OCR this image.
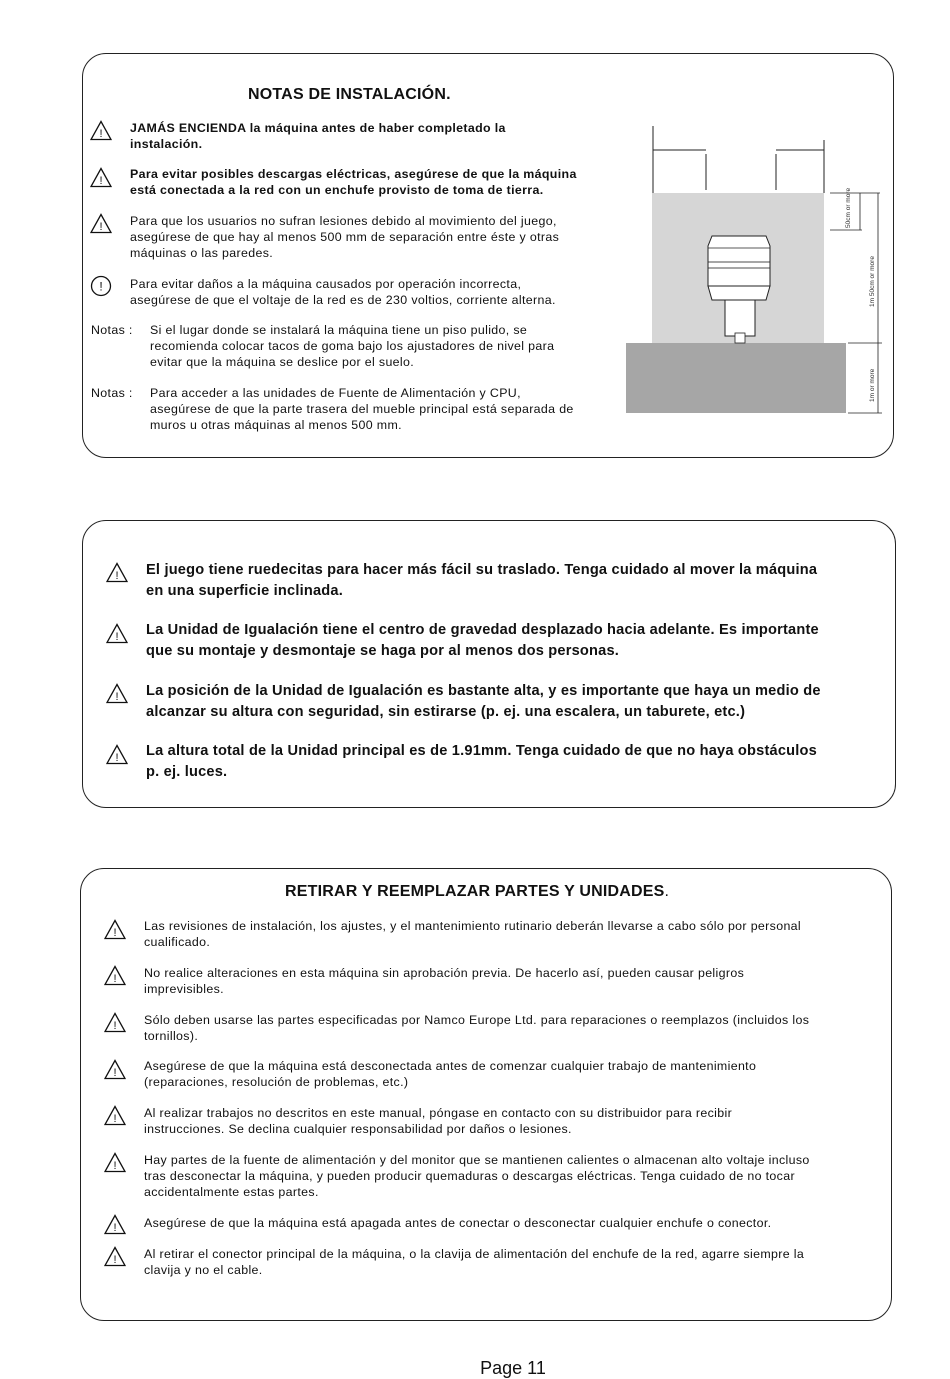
NOTAS DE INSTALACIÓN.
! JAMÁS ENCIENDA la máquina antes de haber completado la
instalación.
! Para evitar posibles descargas eléctricas, asegúrese de que la máquina
está conectada a la red con un enchufe provisto de toma de tierra.
! Para que los usuarios no sufran lesiones debido al movimiento del juego,
asegúrese de que hay al menos 500 mm de separación entre éste y otras
máquinas o las paredes.
! Para evitar daños a la máquina causados por operación incorrecta,
asegúrese de que el voltaje de la red es de 230 voltios, corriente alterna.
Notas : Si el lugar donde se instalará la máquina tiene un piso pulido, se
recomienda colocar tacos de goma bajo los ajustadores de nivel para
evitar que la máquina se deslice por el suelo.
Notas : Para acceder a las unidades de Fuente de Alimentación y CPU,
asegúrese de que la parte trasera del mueble principal está separada de
muros u otras máquinas al menos 500 mm.
50cm or more
1m 50cm or more
1m or more
! El juego tiene ruedecitas para hacer más fácil su traslado. Tenga cuidado al mover la máquina
en una superficie inclinada.
! La Unidad de Igualación tiene el centro de gravedad desplazado hacia adelante. Es importante
que su montaje y desmontaje se haga por al menos dos personas.
! La posición de la Unidad de Igualación es bastante alta, y es importante que haya un medio de
alcanzar su altura con seguridad, sin estirarse (p. ej. una escalera, un taburete, etc.)
! La altura total de la Unidad principal es de 1.91mm. Tenga cuidado de que no haya obstáculos
p. ej. luces.
RETIRAR Y REEMPLAZAR PARTES Y UNIDADES.
! Las revisiones de instalación, los ajustes, y el mantenimiento rutinario deberán llevarse a cabo sólo por personal
cualificado.
! No realice alteraciones en esta máquina sin aprobación previa. De hacerlo así, pueden causar peligros
imprevisibles.
! Sólo deben usarse las partes especificadas por Namco Europe Ltd. para reparaciones o reemplazos (incluidos los
tornillos).
! Asegúrese de que la máquina está desconectada antes de comenzar cualquier trabajo de mantenimiento
(reparaciones, resolución de problemas, etc.)
! Al realizar trabajos no descritos en este manual, póngase en contacto con su distribuidor para recibir
instrucciones. Se declina cualquier responsabilidad por daños o lesiones.
! Hay partes de la fuente de alimentación y del monitor que se mantienen calientes o almacenan alto voltaje incluso
tras desconectar la máquina, y pueden producir quemaduras o descargas eléctricas. Tenga cuidado de no tocar
accidentalmente estas partes.
! Asegúrese de que la máquina está apagada antes de conectar o desconectar cualquier enchufe o conector.
! Al retirar el conector principal de la máquina, o la clavija de alimentación del enchufe de la red, agarre siempre la
clavija y no el cable.
Page 11
